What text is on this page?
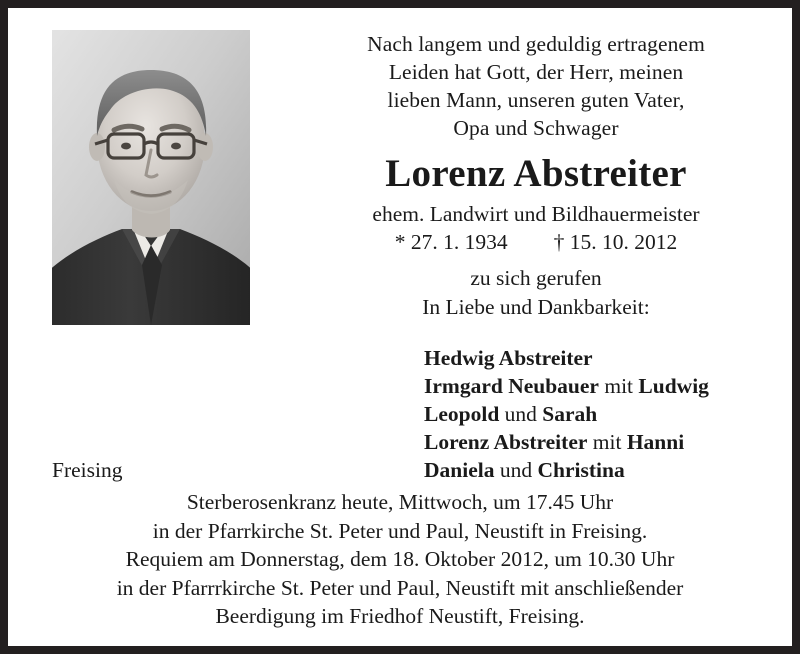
Nach langem und geduldig ertragenem
Leiden hat Gott, der Herr, meinen
lieben Mann, unseren guten Vater,
Opa und Schwager
Lorenz Abstreiter
ehem. Landwirt und Bildhauermeister
* 27. 1. 1934 † 15. 10. 2012
zu sich gerufen
In Liebe und Dankbarkeit:
Hedwig Abstreiter
Irmgard Neubauer mit Ludwig
Leopold und Sarah
Lorenz Abstreiter mit Hanni
Daniela und Christina
Freising
Sterberosenkranz heute, Mittwoch, um 17.45 Uhr
in der Pfarrkirche St. Peter und Paul, Neustift in Freising.
Requiem am Donnerstag, dem 18. Oktober 2012, um 10.30 Uhr
in der Pfarrrkirche St. Peter und Paul, Neustift mit anschließender
Beerdigung im Friedhof Neustift, Freising.
